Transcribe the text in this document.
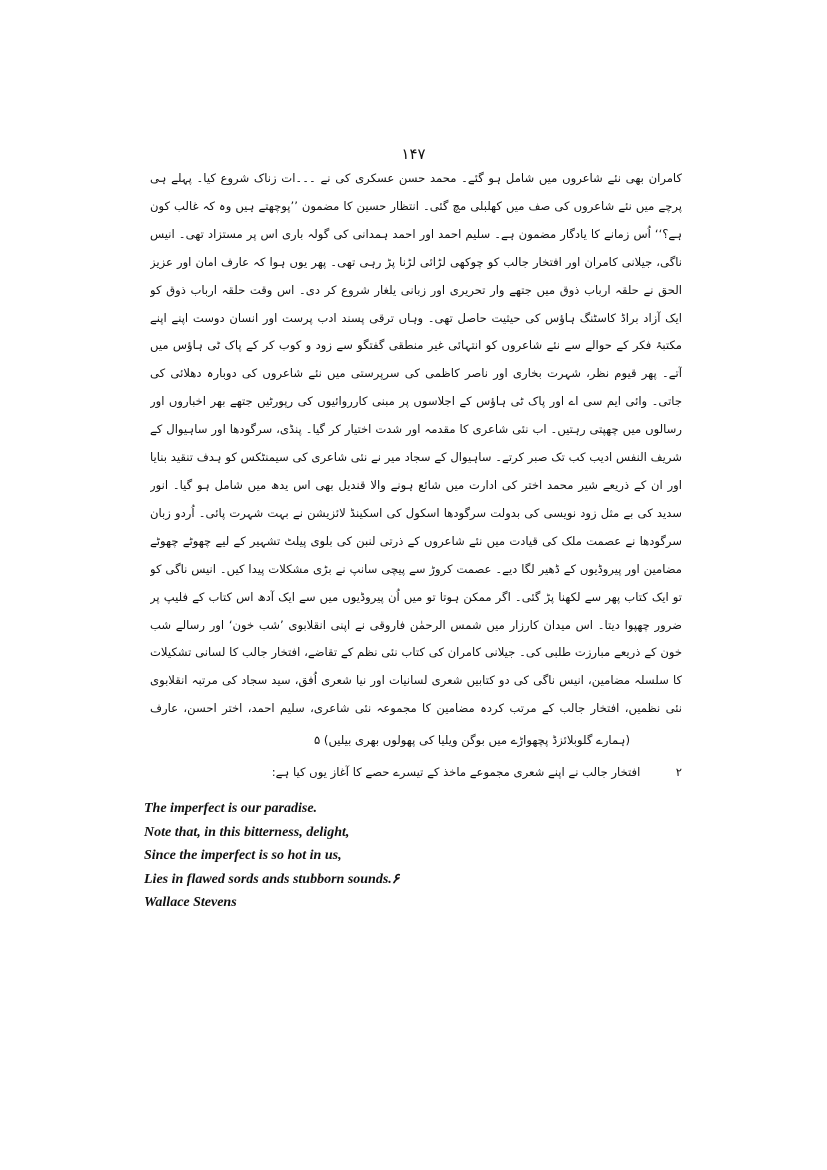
۱۴۷

کامران بھی نئے شاعروں میں شامل ہو گئے۔ محمد حسن عسکری کی نے ۔۔۔ات زناک شروع کیا۔ پہلے ہی پرچے میں نئے شاعروں کی صف میں کھلبلی مچ گئی۔ انتظار حسین کا مضمون ’’پوچھتے ہیں وہ کہ غالب کون ہے؟‘‘ اُس زمانے کا یادگار مضمون ہے۔ سلیم احمد اور احمد ہمدانی کی گولہ باری اس پر مستزاد تھی۔ انیس ناگی، جیلانی کامران اور افتخار جالب کو چوکھی لڑائی لڑنا پڑ رہی تھی۔ پھر یوں ہوا کہ عارف امان اور عزیز الحق نے حلقہ ارباب ذوق میں جتھے وار تحریری اور زبانی یلغار شروع کر دی۔ اس وقت حلقہ ارباب ذوق کو ایک آزاد براڈ کاسٹنگ ہاؤس کی حیثیت حاصل تھی۔ وہاں ترقی پسند ادب پرست اور انسان دوست اپنے اپنے مکتبۂ فکر کے حوالے سے نئے شاعروں کو انتہائی غیر منطقی گفتگو سے زود و کوب کر کے پاک ٹی ہاؤس میں آتے۔ پھر قیوم نظر، شہرت بخاری اور ناصر کاظمی کی سرپرستی میں نئے شاعروں کی دوبارہ دھلائی کی جاتی۔ وائی ایم سی اے اور پاک ٹی ہاؤس کے اجلاسوں پر مبنی کارروائیوں کی رپورٹیں جتھے بھر اخباروں اور رسالوں میں چھپتی رہتیں۔ اب نئی شاعری کا مقدمہ اور شدت اختیار کر گیا۔ پنڈی، سرگودھا اور ساہیوال کے شریف النفس ادیب کب تک صبر کرتے۔ ساہیوال کے سجاد میر نے نئی شاعری کی سیمنٹکس کو ہدف تنقید بنایا اور ان کے ذریعے شیر محمد اختر کی ادارت میں شائع ہونے والا قندیل بھی اس یدھ میں شامل ہو گیا۔ انور سدید کی بے مثل زود نویسی کی بدولت سرگودھا اسکول کی اسکینڈ لائزیشن نے بہت شہرت پائی۔ اُردو زبان سرگودھا نے عصمت ملک کی قیادت میں نئے شاعروں کے ذرتی لنبن کی بلوی پیلٹ تشہیر کے لیے چھوٹے چھوٹے مضامین اور پیروڈیوں کے ڈھیر لگا دیے۔ عصمت کروڑ سے پیچی سانپ نے بڑی مشکلات پیدا کیں۔ انیس ناگی کو تو ایک کتاب پھر سے لکھنا پڑ گئی۔ اگر ممکن ہوتا تو میں اُن پیروڈیوں میں سے ایک آدھ اس کتاب کے فلیپ پر ضرور چھپوا دیتا۔ اس میدان کارزار میں شمس الرحمٰن فاروقی نے اپنی انقلابوی ’شب خون‘ اور رسالے شب خون کے ذریعے مبارزت طلبی کی۔ جیلانی کامران کی کتاب نئی نظم کے تقاضے، افتخار جالب کا لسانی تشکیلات کا سلسلہ مضامین، انیس ناگی کی دو کتابیں شعری لسانیات اور نیا شعری اُفق، سید سجاد کی مرتبہ انقلابوی نئی نظمیں، افتخار جالب کے مرتب کردہ مضامین کا مجموعہ نئی شاعری، سلیم احمد، اختر احسن، عارف

(ہمارے گلوبلائزڈ پچھواڑے میں بوگن ویلیا کی پھولوں بھری بیلیں) ۵

۲ افتخار جالب نے اپنے شعری مجموعے ماخذ کے تیسرے حصے کا آغاز یوں کیا ہے:

The imperfect is our paradise.
Note that, in this bitterness, delight,
Since the imperfect is so hot in us,
Lies in flawed sords ands stubborn sounds.۶
Wallace Stevens
